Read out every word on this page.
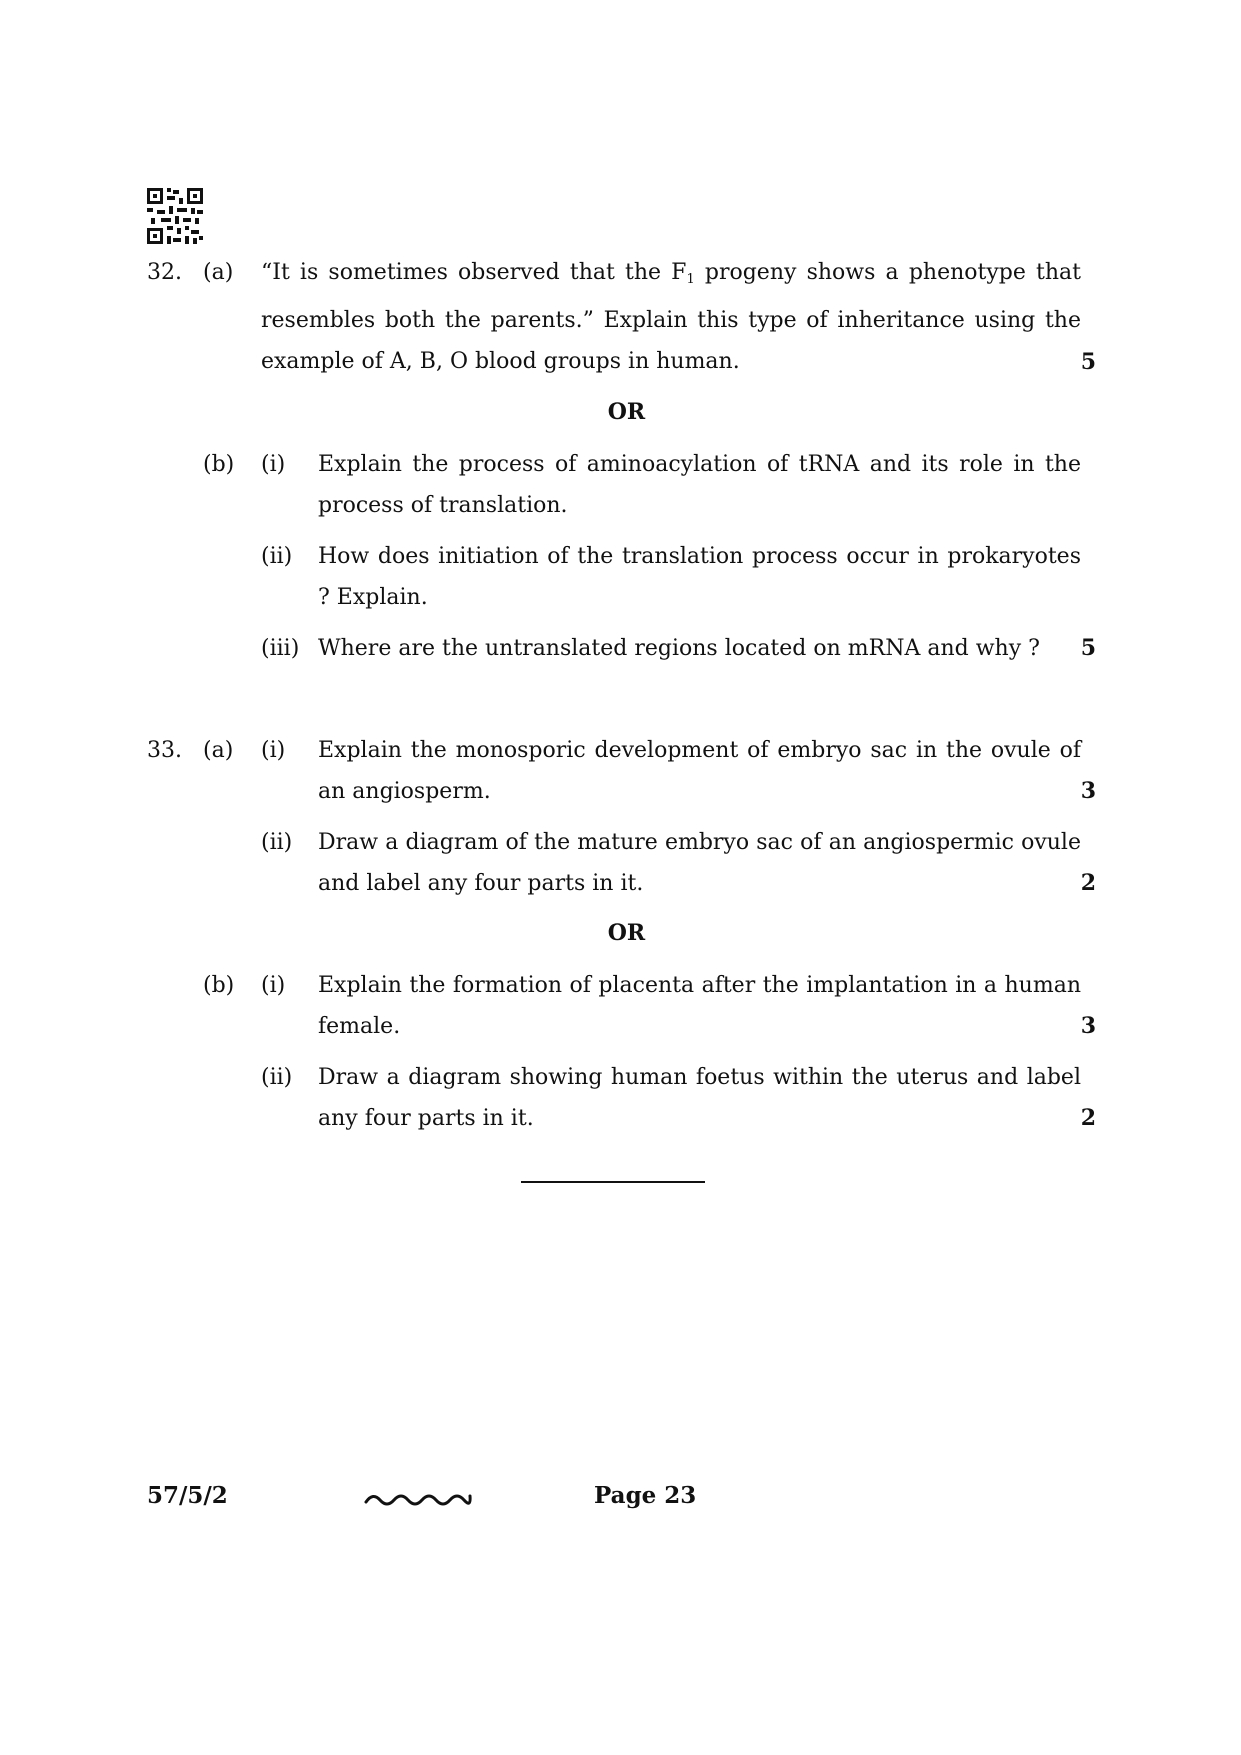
32. (a) “It is sometimes observed that the $F_1$ progeny shows a phenotype that resembles both the parents.” Explain this type of inheritance using the example of A, B, O blood groups in human.	5
OR
(b) (i) Explain the process of aminoacylation of tRNA and its role in the process of translation.
(ii) How does initiation of the translation process occur in prokaryotes ? Explain.
(iii) Where are the untranslated regions located on mRNA and why ? 5
33. (a) (i) Explain the monosporic development of embryo sac in the ovule of an angiosperm.	3
(ii) Draw a diagram of the mature embryo sac of an angiospermic ovule and label any four parts in it.	2
OR
(b) (i) Explain the formation of placenta after the implantation in a human female.	3
(ii) Draw a diagram showing human foetus within the uterus and label any four parts in it.	2
57/5/2	Page 23
